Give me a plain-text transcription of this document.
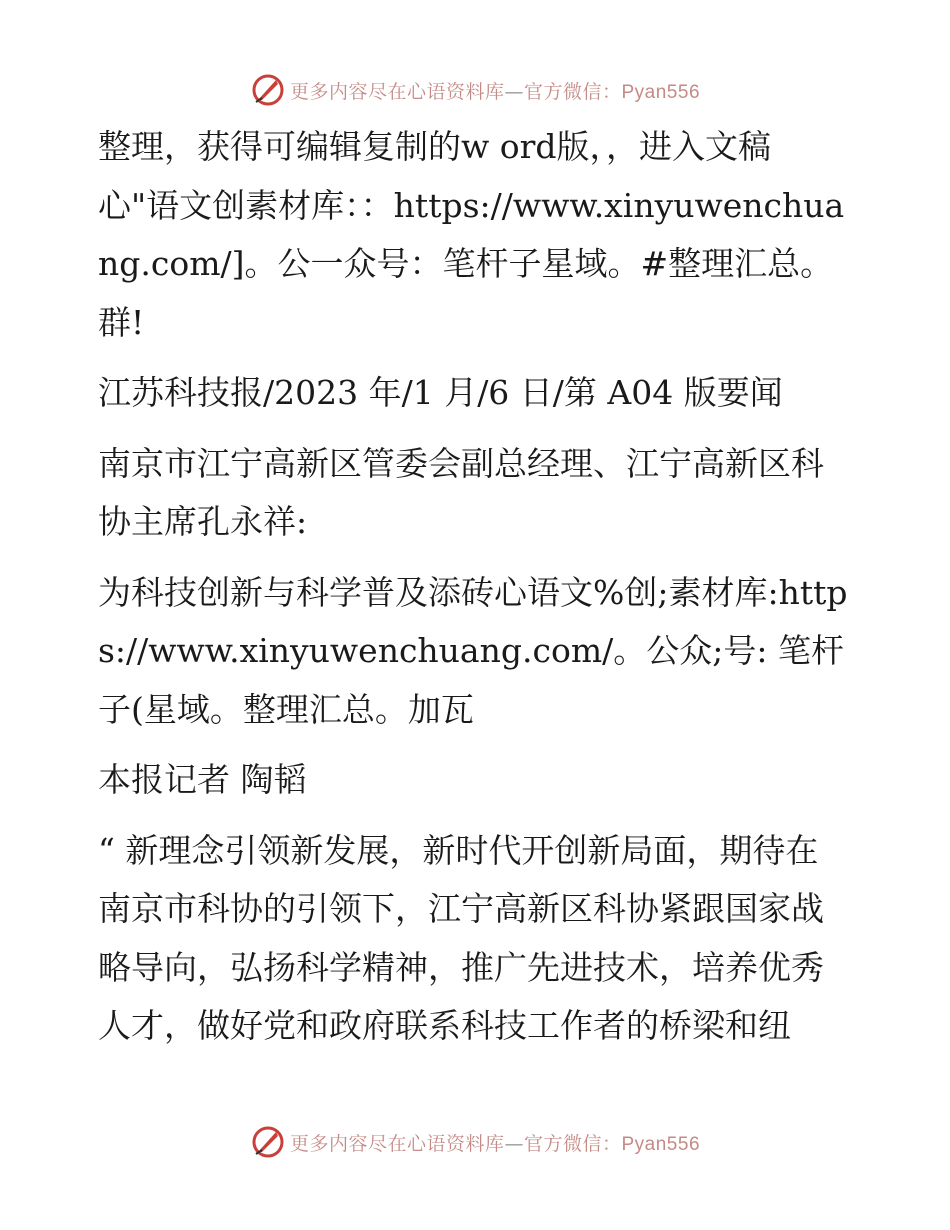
更多内容尽在心语资料库—官方微信：Pyan556

整理，获得可编辑复制的w ord版，，进入文稿心"语文创素材库：：https://www.xinyuwenchuang.com/]。公一众号：笔杆子星域。#整理汇总。群!

江苏科技报/2023 年/1 月/6 日/第 A04 版要闻

南京市江宁高新区管委会副总经理、江宁高新区科协主席孔永祥:

为科技创新与科学普及添砖心语文%创;素材库:https://www.xinyuwenchuang.com/。公众;号: 笔杆子(星域。整理汇总。加瓦

本报记者 陶韬

“ 新理念引领新发展，新时代开创新局面，期待在南京市科协的引领下，江宁高新区科协紧跟国家战略导向，弘扬科学精神，推广先进技术，培养优秀人才，做好党和政府联系科技工作者的桥梁和纽

更多内容尽在心语资料库—官方微信：Pyan556
